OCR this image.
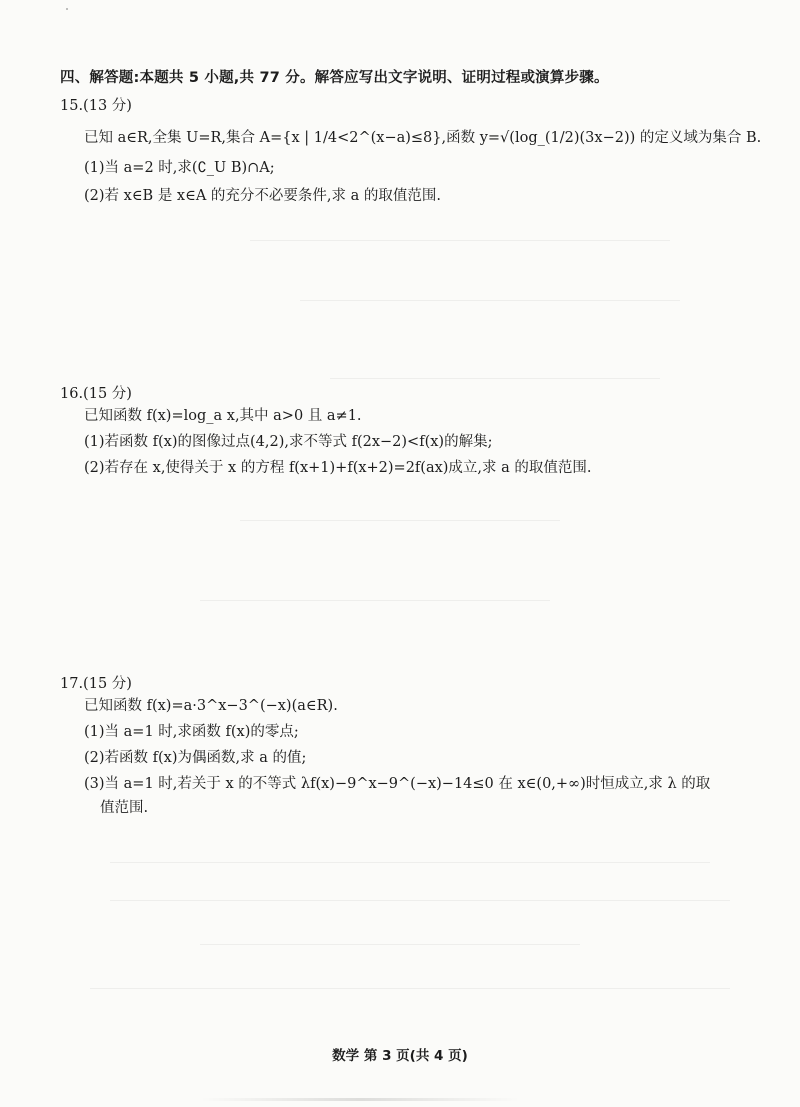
四、解答题:本题共 5 小题,共 77 分。解答应写出文字说明、证明过程或演算步骤。
15.(13 分)
已知 a∈R,全集 U=R,集合 A={x | 1/4<2^(x−a)≤8},函数 y=√(log_(1/2)(3x−2)) 的定义域为集合 B.
(1)当 a=2 时,求(∁_U B)∩A;
(2)若 x∈B 是 x∈A 的充分不必要条件,求 a 的取值范围.
16.(15 分)
已知函数 f(x)=log_a x,其中 a>0 且 a≠1.
(1)若函数 f(x)的图像过点(4,2),求不等式 f(2x−2)<f(x)的解集;
(2)若存在 x,使得关于 x 的方程 f(x+1)+f(x+2)=2f(ax)成立,求 a 的取值范围.
17.(15 分)
已知函数 f(x)=a·3^x−3^(−x)(a∈R).
(1)当 a=1 时,求函数 f(x)的零点;
(2)若函数 f(x)为偶函数,求 a 的值;
(3)当 a=1 时,若关于 x 的不等式 λf(x)−9^x−9^(−x)−14≤0 在 x∈(0,+∞)时恒成立,求 λ 的取
值范围.
数学 第 3 页(共 4 页)
